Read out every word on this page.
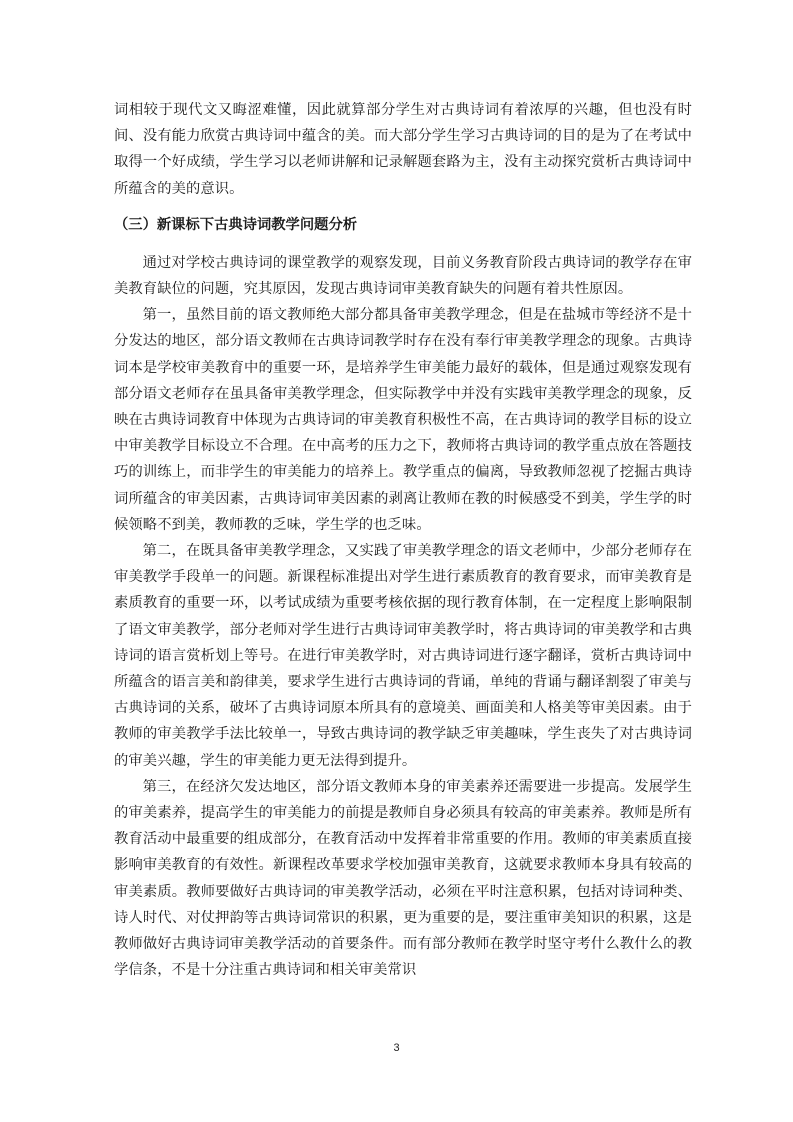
词相较于现代文又晦涩难懂，因此就算部分学生对古典诗词有着浓厚的兴趣，但也没有时间、没有能力欣赏古典诗词中蕴含的美。而大部分学生学习古典诗词的目的是为了在考试中取得一个好成绩，学生学习以老师讲解和记录解题套路为主，没有主动探究赏析古典诗词中所蕴含的美的意识。

（三）新课标下古典诗词教学问题分析

通过对学校古典诗词的课堂教学的观察发现，目前义务教育阶段古典诗词的教学存在审美教育缺位的问题，究其原因，发现古典诗词审美教育缺失的问题有着共性原因。

第一，虽然目前的语文教师绝大部分都具备审美教学理念，但是在盐城市等经济不是十分发达的地区，部分语文教师在古典诗词教学时存在没有奉行审美教学理念的现象。古典诗词本是学校审美教育中的重要一环，是培养学生审美能力最好的载体，但是通过观察发现有部分语文老师存在虽具备审美教学理念，但实际教学中并没有实践审美教学理念的现象，反映在古典诗词教育中体现为古典诗词的审美教育积极性不高，在古典诗词的教学目标的设立中审美教学目标设立不合理。在中高考的压力之下，教师将古典诗词的教学重点放在答题技巧的训练上，而非学生的审美能力的培养上。教学重点的偏离，导致教师忽视了挖掘古典诗词所蕴含的审美因素，古典诗词审美因素的剥离让教师在教的时候感受不到美，学生学的时候领略不到美，教师教的乏味，学生学的也乏味。

第二，在既具备审美教学理念，又实践了审美教学理念的语文老师中，少部分老师存在审美教学手段单一的问题。新课程标准提出对学生进行素质教育的教育要求，而审美教育是素质教育的重要一环，以考试成绩为重要考核依据的现行教育体制，在一定程度上影响限制了语文审美教学，部分老师对学生进行古典诗词审美教学时，将古典诗词的审美教学和古典诗词的语言赏析划上等号。在进行审美教学时，对古典诗词进行逐字翻译，赏析古典诗词中所蕴含的语言美和韵律美，要求学生进行古典诗词的背诵，单纯的背诵与翻译割裂了审美与古典诗词的关系，破坏了古典诗词原本所具有的意境美、画面美和人格美等审美因素。由于教师的审美教学手法比较单一，导致古典诗词的教学缺乏审美趣味，学生丧失了对古典诗词的审美兴趣，学生的审美能力更无法得到提升。

第三，在经济欠发达地区，部分语文教师本身的审美素养还需要进一步提高。发展学生的审美素养，提高学生的审美能力的前提是教师自身必须具有较高的审美素养。教师是所有教育活动中最重要的组成部分，在教育活动中发挥着非常重要的作用。教师的审美素质直接影响审美教育的有效性。新课程改革要求学校加强审美教育，这就要求教师本身具有较高的审美素质。教师要做好古典诗词的审美教学活动，必须在平时注意积累，包括对诗词种类、诗人时代、对仗押韵等古典诗词常识的积累，更为重要的是，要注重审美知识的积累，这是教师做好古典诗词审美教学活动的首要条件。而有部分教师在教学时坚守考什么教什么的教学信条，不是十分注重古典诗词和相关审美常识

3
